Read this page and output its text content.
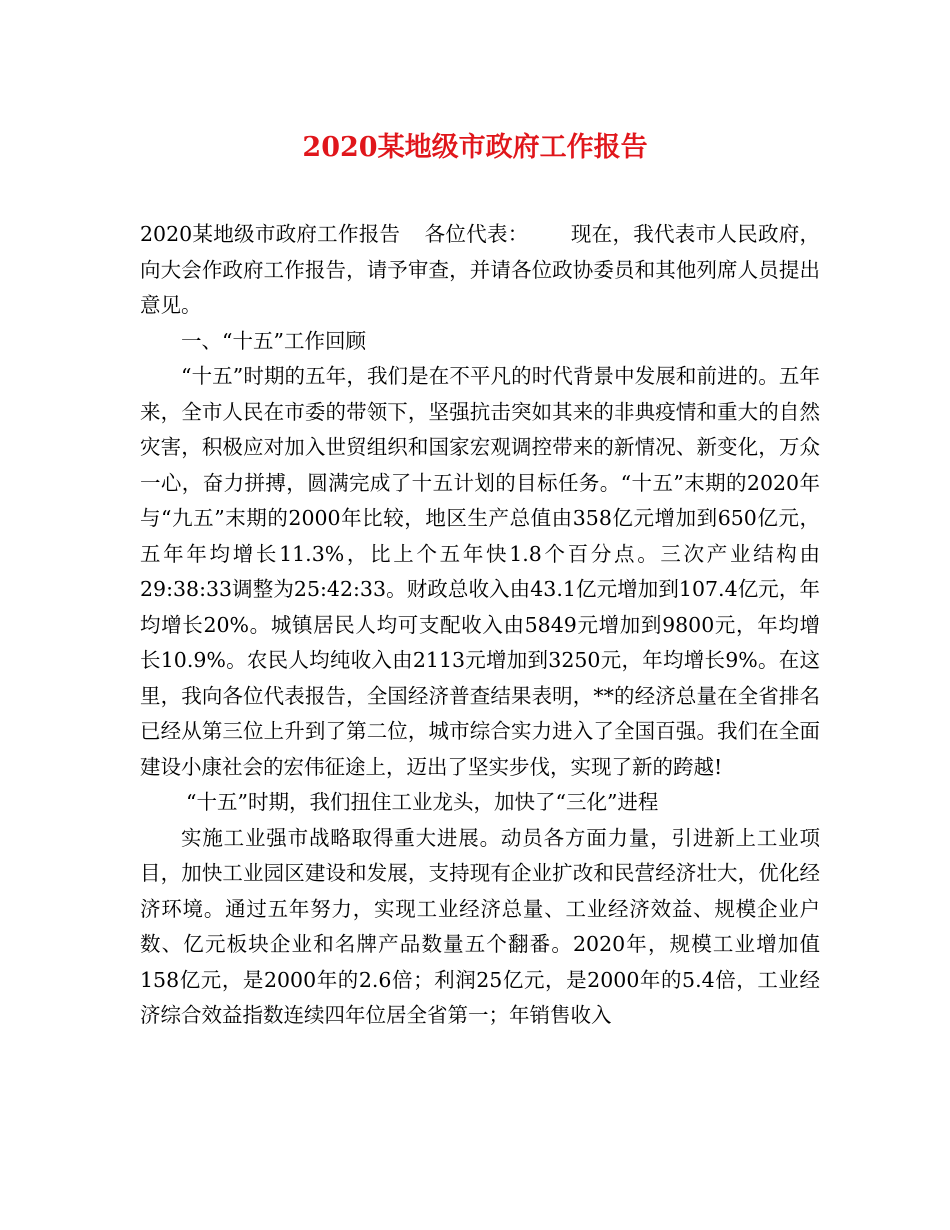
2020某地级市政府工作报告

2020某地级市政府工作报告 各位代表： 现在，我代表市人民政府，向大会作政府工作报告，请予审查，并请各位政协委员和其他列席人员提出意见。

一、“十五”工作回顾

“十五”时期的五年，我们是在不平凡的时代背景中发展和前进的。五年来，全市人民在市委的带领下，坚强抗击突如其来的非典疫情和重大的自然灾害，积极应对加入世贸组织和国家宏观调控带来的新情况、新变化，万众一心，奋力拼搏，圆满完成了十五计划的目标任务。“十五”末期的2020年与“九五”末期的2000年比较，地区生产总值由358亿元增加到650亿元，五年年均增长11.3%，比上个五年快1.8个百分点。三次产业结构由29:38:33调整为25:42:33。财政总收入由43.1亿元增加到107.4亿元，年均增长20%。城镇居民人均可支配收入由5849元增加到9800元，年均增长10.9%。农民人均纯收入由2113元增加到3250元，年均增长9%。在这里，我向各位代表报告，全国经济普查结果表明，**的经济总量在全省排名已经从第三位上升到了第二位，城市综合实力进入了全国百强。我们在全面建设小康社会的宏伟征途上，迈出了坚实步伐，实现了新的跨越!

“十五”时期，我们扭住工业龙头，加快了“三化”进程

实施工业强市战略取得重大进展。动员各方面力量，引进新上工业项目，加快工业园区建设和发展，支持现有企业扩改和民营经济壮大，优化经济环境。通过五年努力，实现工业经济总量、工业经济效益、规模企业户数、亿元板块企业和名牌产品数量五个翻番。2020年，规模工业增加值158亿元，是2000年的2.6倍；利润25亿元，是2000年的5.4倍，工业经济综合效益指数连续四年位居全省第一；年销售收入
